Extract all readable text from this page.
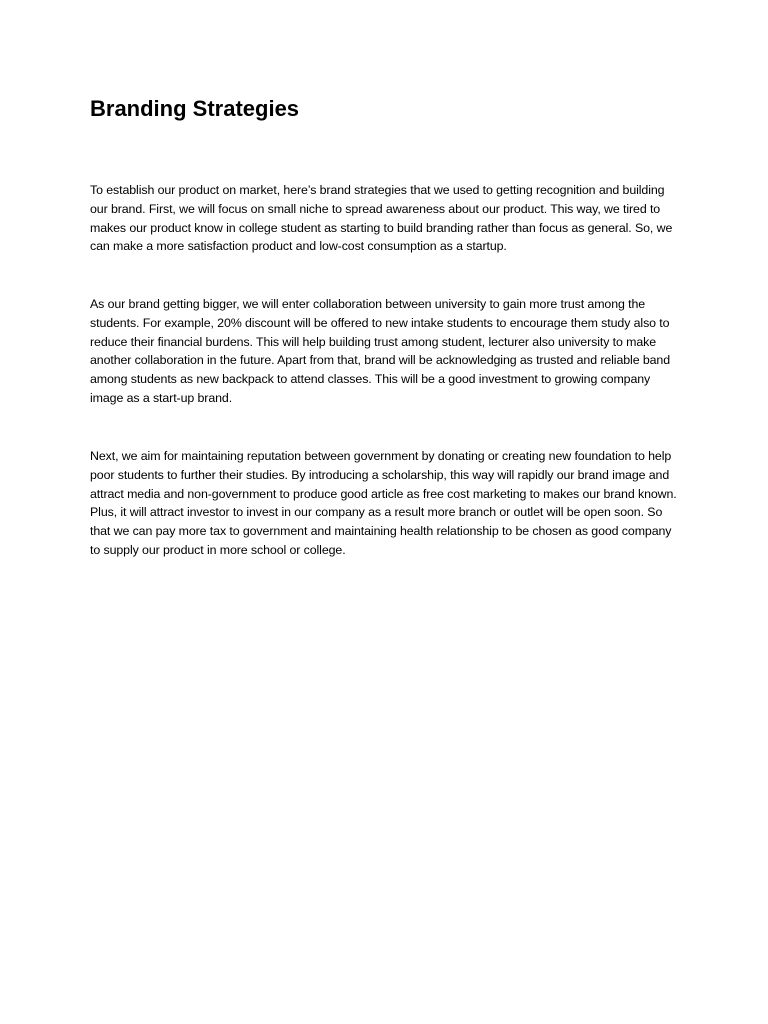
Branding Strategies

To establish our product on market, here’s brand strategies that we used to getting recognition and building our brand. First, we will focus on small niche to spread awareness about our product. This way, we tired to makes our product know in college student as starting to build branding rather than focus as general. So, we can make a more satisfaction product and low-cost consumption as a startup.

As our brand getting bigger, we will enter collaboration between university to gain more trust among the students. For example, 20% discount will be offered to new intake students to encourage them study also to reduce their financial burdens. This will help building trust among student, lecturer also university to make another collaboration in the future. Apart from that, brand will be acknowledging as trusted and reliable band among students as new backpack to attend classes. This will be a good investment to growing company image as a start-up brand.

Next, we aim for maintaining reputation between government by donating or creating new foundation to help poor students to further their studies. By introducing a scholarship, this way will rapidly our brand image and attract media and non-government to produce good article as free cost marketing to makes our brand known. Plus, it will attract investor to invest in our company as a result more branch or outlet will be open soon. So that we can pay more tax to government and maintaining health relationship to be chosen as good company to supply our product in more school or college.
